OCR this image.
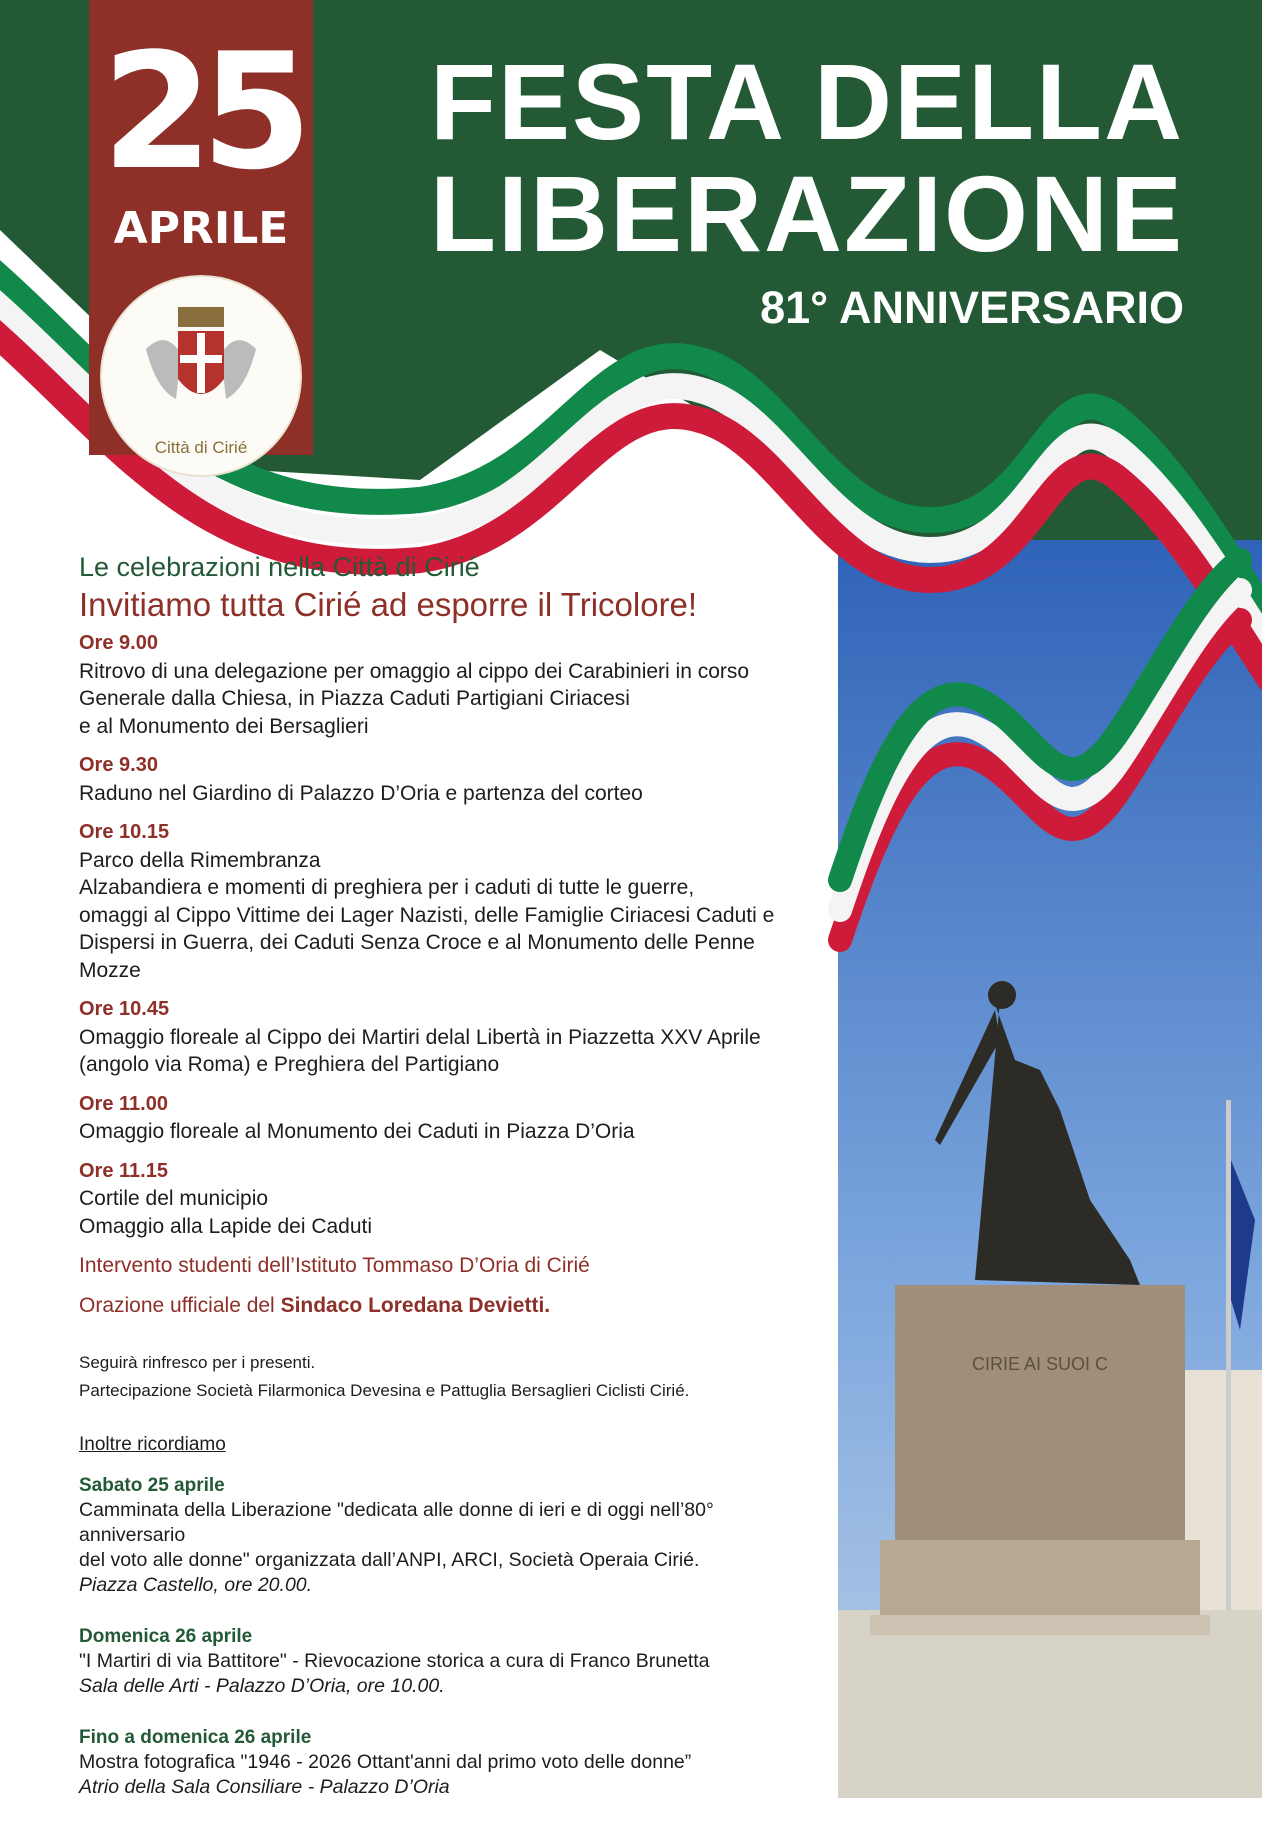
CIRIE AI SUOI C
25
APRILE
Città di Cirié
FESTA DELLA
LIBERAZIONE
81° ANNIVERSARIO
Le celebrazioni nella Città di Cirié
Invitiamo tutta Cirié ad esporre il Tricolore!
Ore 9.00
Ritrovo di una delegazione per omaggio al cippo dei Carabinieri in corso
Generale dalla Chiesa, in Piazza Caduti Partigiani Ciriacesi
e al Monumento dei Bersaglieri
Ore 9.30
Raduno nel Giardino di Palazzo D’Oria e partenza del corteo
Ore 10.15
Parco della Rimembranza
Alzabandiera e momenti di preghiera per i caduti di tutte le guerre,
omaggi al Cippo Vittime dei Lager Nazisti, delle Famiglie Ciriacesi Caduti e
Dispersi in Guerra, dei Caduti Senza Croce e al Monumento delle Penne Mozze
Ore 10.45
Omaggio floreale al Cippo dei Martiri delal Libertà in Piazzetta XXV Aprile
(angolo via Roma) e Preghiera del Partigiano
Ore 11.00
Omaggio floreale al Monumento dei Caduti in Piazza D’Oria
Ore 11.15
Cortile del municipio
Omaggio alla Lapide dei Caduti
Intervento studenti dell’Istituto Tommaso D’Oria di Cirié
Orazione ufficiale del Sindaco Loredana Devietti.
Seguirà rinfresco per i presenti.
Partecipazione Società Filarmonica Devesina e Pattuglia Bersaglieri Ciclisti Cirié.
Inoltre ricordiamo
Sabato 25 aprile
Camminata della Liberazione "dedicata alle donne di ieri e di oggi nell’80° anniversario
del voto alle donne" organizzata dall’ANPI, ARCI, Società Operaia Cirié.
Piazza Castello, ore 20.00.
Domenica 26 aprile
"I Martiri di via Battitore" - Rievocazione storica a cura di Franco Brunetta
Sala delle Arti - Palazzo D’Oria, ore 10.00.
Fino a domenica 26 aprile
Mostra fotografica "1946 - 2026 Ottant'anni dal primo voto delle donne”
Atrio della Sala Consiliare - Palazzo D’Oria
